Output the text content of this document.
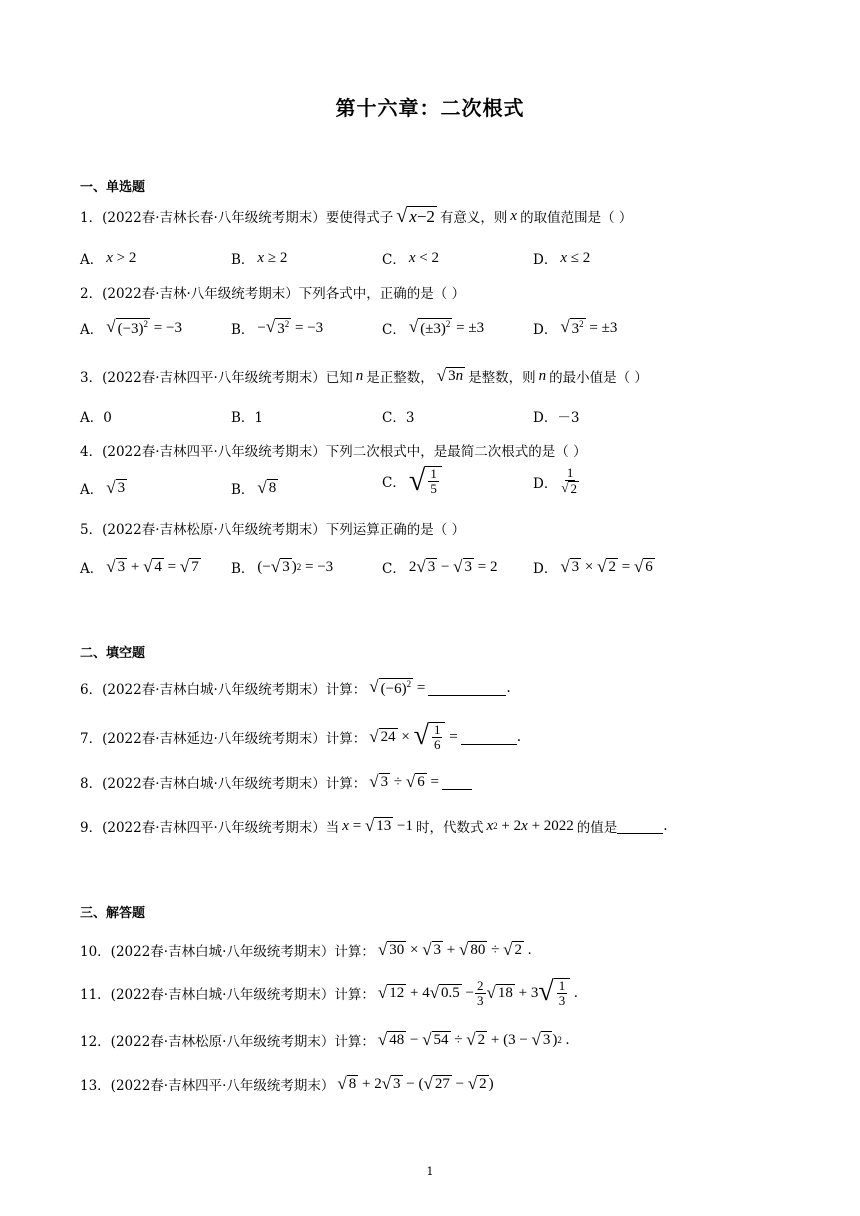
第十六章：二次根式
一、单选题
1．(2022春·吉林长春·八年级统考期末）要使得式子 √ x−2 有意义，则 x 的取值范围是（ ）
A． x > 2	B． x ≥ 2	C． x < 2	D． x ≤ 2
2．(2022春·吉林·八年级统考期末）下列各式中，正确的是（ ）
A． √ $(-3)^2 = -3$	B． − √ $3^2 = -3$	C． √ $(\pm 3)^2 = \pm 3$	D． √ $3^2 = \pm 3$
3．(2022春·吉林四平·八年级统考期末）已知 n 是正整数， √ 3n 是整数，则 n 的最小值是（ ）
A．0	B．1	C．3	D．－3
4．(2022春·吉林四平·八年级统考期末）下列二次根式中，是最简二次根式的是（ ）
A． √ 3	B． √ 8	C． √ $\frac{1}{5}$	D． $\frac{1}{√ 2}$
5．(2022春·吉林松原·八年级统考期末）下列运算正确的是（ ）
A． √ 3 + √ 4 = √ 7 B． (− √ 3 ) 2 = −3	C． 2 √ 3 − √ 3 = 2	D． √ 3 × √ 2 = √ 6
二、填空题
6．(2022春·吉林白城·八年级统考期末）计算： √ $(-6)^2$ =	.
7．(2022春·吉林延边·八年级统考期末）计算： √ 24 × √ $\frac{1}{6}$ =	.
8．(2022春·吉林白城·八年级统考期末）计算： √ 3 ÷ √ 6 =
9．(2022春·吉林四平·八年级统考期末）当 x = √ 13 −1 时，代数式 x 2 + 2 x + 2022 的值是	.
三、解答题
10．(2022春·吉林白城·八年级统考期末）计算： √ 30 × √ 3 + √ 80 ÷ √ 2 .
11．(2022春·吉林白城·八年级统考期末）计算： √ 12 + 4 √ $0.5 - \frac{2}{3}$ √ 18 + 3 √ $\frac{1}{3}$ .
12．(2022春·吉林松原·八年级统考期末）计算： √ 48 − √ 54 ÷ √ 2 + (3 − √ 3 ) 2 .
13．(2022春·吉林四平·八年级统考期末） √ 8 + 2 √ 3 − ( √ 27 − √ 2 )
1
